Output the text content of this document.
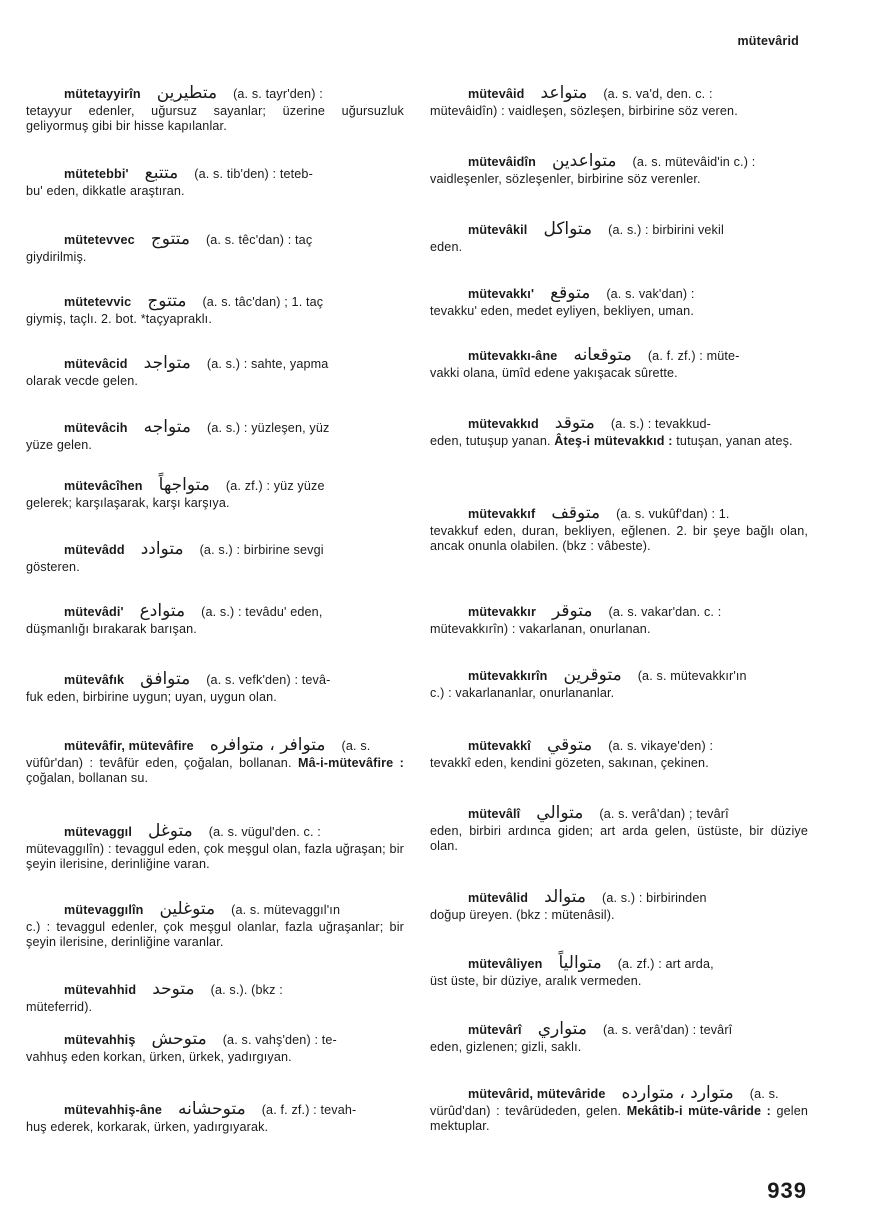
mütevârid
mütetayyirîn متطيرين	(a. s. tayr'den) :
tetayyur edenler, uğursuz sayanlar; üzerine uğursuzluk geliyormuş gibi bir hisse kapılanlar.
mütetebbi' متتبع	(a. s. tib'den) : teteb-
bu' eden, dikkatle araştıran.
mütetevvec متتوج	(a. s. têc'dan) : taç
giydirilmiş.
mütetevvic متتوج	(a. s. tâc'dan) ; 1. taç
giymiş, taçlı. 2. bot. *taçyapraklı.
mütevâcid متواجد	(a. s.) : sahte, yapma
olarak vecde gelen.
mütevâcih متواجه	(a. s.) : yüzleşen, yüz
yüze gelen.
mütevâcîhen متواجهاً	(a. zf.) : yüz yüze
gelerek; karşılaşarak, karşı karşıya.
mütevâdd متوادد	(a. s.) : birbirine sevgi
gösteren.
mütevâdi' متوادع	(a. s.) : tevâdu' eden,
düşmanlığı bırakarak barışan.
mütevâfık متوافق	(a. s. vefk'den) : tevâ-
fuk eden, birbirine uygun; uyan, uygun olan.
mütevâfir, mütevâfire متوافر ، متوافره	(a. s.
vüfûr'dan) : tevâfür eden, çoğalan, bollanan. Mâ-i-mütevâfire : çoğalan, bollanan su.
mütevaggıl متوغل	(a. s. vügul'den. c. :
mütevaggılîn) : tevaggul eden, çok meşgul olan, fazla uğraşan; bir şeyin ilerisine, derinliğine varan.
mütevaggılîn متوغلين	(a. s. mütevaggıl'ın
c.) : tevaggul edenler, çok meşgul olanlar, fazla uğraşanlar; bir şeyin ilerisine, derinliğine varanlar.
mütevahhid متوحد	(a. s.). (bkz :
müteferrid).
mütevahhiş متوحش	(a. s. vahş'den) : te-
vahhuş eden korkan, ürken, ürkek, yadırgıyan.
mütevahhiş-âne متوحشانه	(a. f. zf.) : tevah-
huş ederek, korkarak, ürken, yadırgıyarak.
mütevâid متواعد	(a. s. va'd, den. c. :
mütevâidîn) : vaidleşen, sözleşen, birbirine söz veren.
mütevâidîn متواعدين	(a. s. mütevâid'in c.) :
vaidleşenler, sözleşenler, birbirine söz verenler.
mütevâkil متواكل	(a. s.) : birbirini vekil
eden.
mütevakkı' متوقع	(a. s. vak'dan) :
tevakku' eden, medet eyliyen, bekliyen, uman.
mütevakkı-âne متوقعانه	(a. f. zf.) : müte-
vakki olana, ümîd edene yakışacak sûrette.
mütevakkıd متوقد	(a. s.) : tevakkud-
eden, tutuşup yanan. Âteş-i mütevakkıd : tutuşan, yanan ateş.
mütevakkıf متوقف	(a. s. vukûf'dan) : 1.
tevakkuf eden, duran, bekliyen, eğlenen. 2. bir şeye bağlı olan, ancak onunla olabilen. (bkz : vâbeste).
mütevakkır متوقر	(a. s. vakar'dan. c. :
mütevakkırîn) : vakarlanan, onurlanan.
mütevakkırîn متوقرين	(a. s. mütevakkır'ın
c.) : vakarlananlar, onurlananlar.
mütevakkî متوقي	(a. s. vikaye'den) :
tevakkî eden, kendini gözeten, sakınan, çekinen.
mütevâlî متوالي	(a. s. verâ'dan) ; tevârî
eden, birbiri ardınca giden; art arda gelen, üstüste, bir düziye olan.
mütevâlid متوالد	(a. s.) : birbirinden
doğup üreyen. (bkz : mütenâsil).
mütevâliyen متوالياً	(a. zf.) : art arda,
üst üste, bir düziye, aralık vermeden.
mütevârî متواري	(a. s. verâ'dan) : tevârî
eden, gizlenen; gizli, saklı.
mütevârid, mütevâride متوارد ، متوارده	(a. s.
vürûd'dan) : tevârüdeden, gelen. Mekâtib-i müte-vâride : gelen mektuplar.
939
